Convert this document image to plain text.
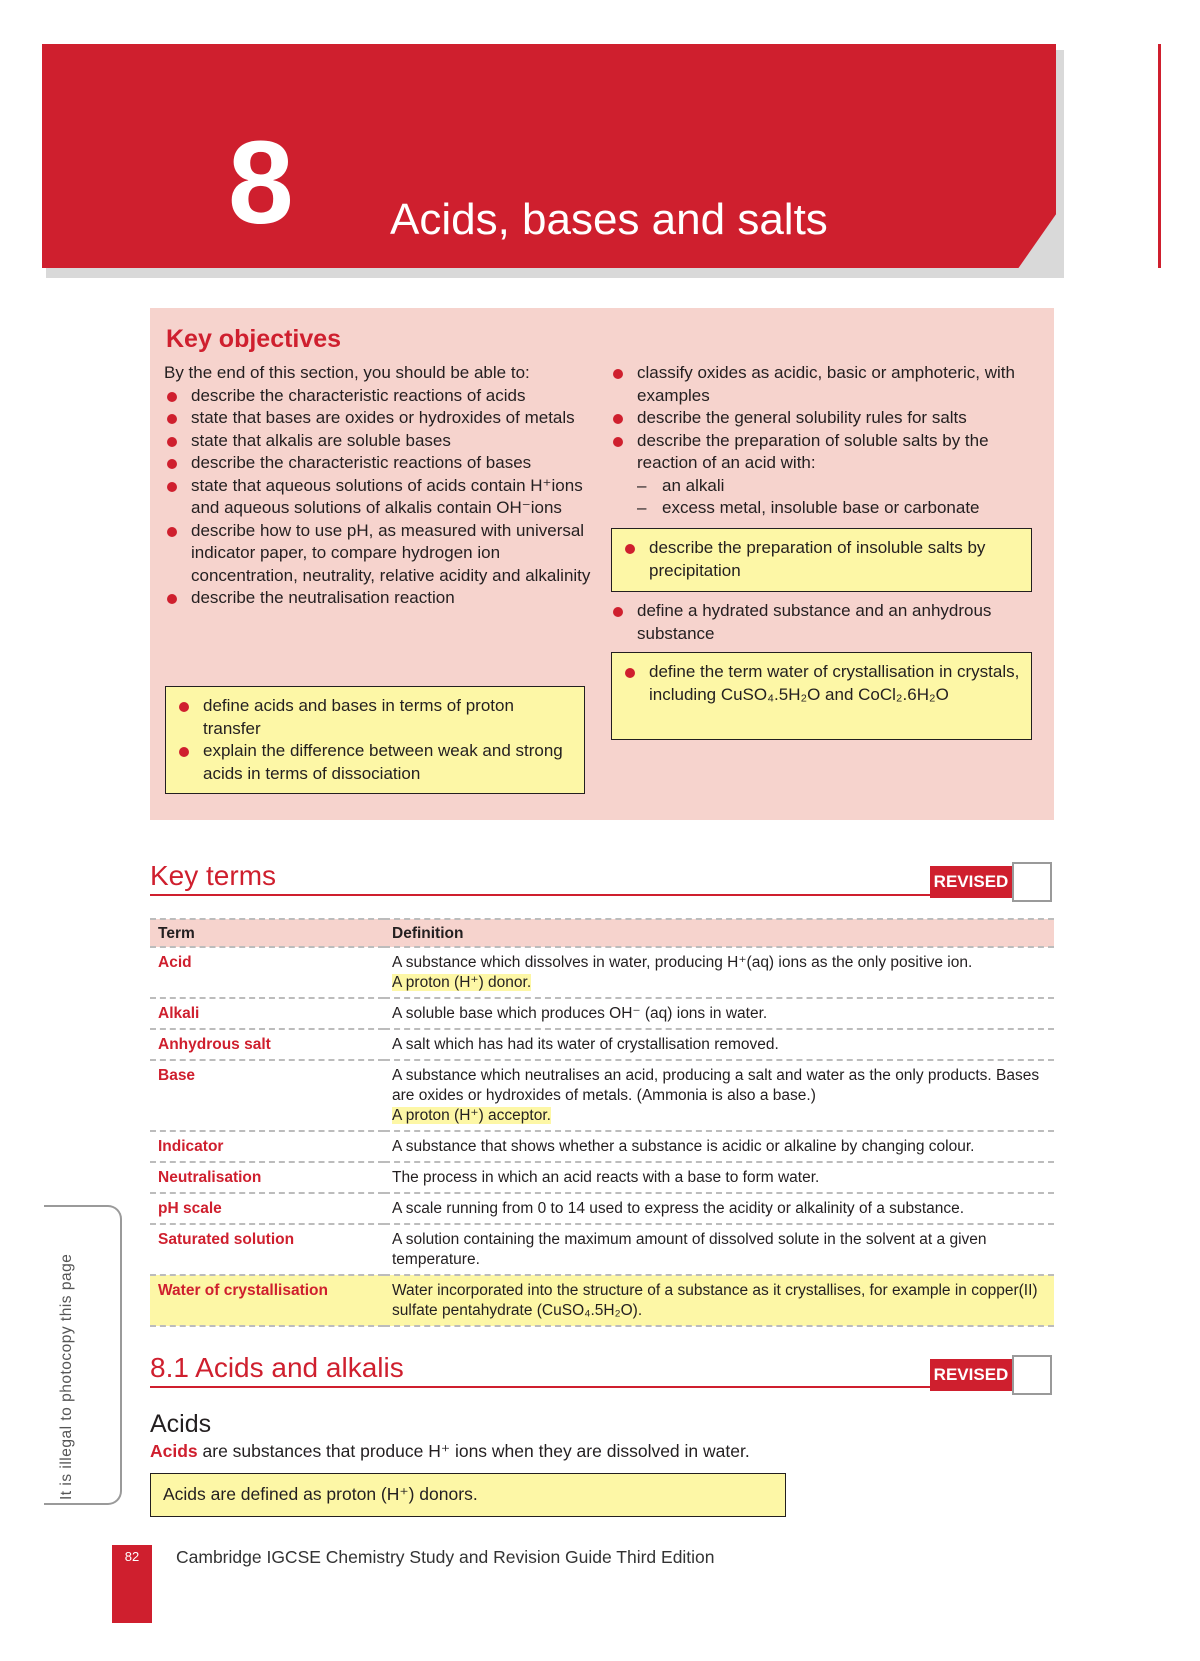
8 Acids, bases and salts
Key objectives
By the end of this section, you should be able to:
describe the characteristic reactions of acids
state that bases are oxides or hydroxides of metals
state that alkalis are soluble bases
describe the characteristic reactions of bases
state that aqueous solutions of acids contain H⁺ions and aqueous solutions of alkalis contain OH⁻ions
describe how to use pH, as measured with universal indicator paper, to compare hydrogen ion concentration, neutrality, relative acidity and alkalinity
describe the neutralisation reaction
define acids and bases in terms of proton transfer
explain the difference between weak and strong acids in terms of dissociation
classify oxides as acidic, basic or amphoteric, with examples
describe the general solubility rules for salts
describe the preparation of soluble salts by the reaction of an acid with:
– an alkali
– excess metal, insoluble base or carbonate
describe the preparation of insoluble salts by precipitation
define a hydrated substance and an anhydrous substance
define the term water of crystallisation in crystals, including CuSO₄.5H₂O and CoCl₂.6H₂O
Key terms	REVISED
Term	Definition
Acid	A substance which dissolves in water, producing H⁺(aq) ions as the only positive ion.
A proton (H⁺) donor.
Alkali	A soluble base which produces OH⁻ (aq) ions in water.

Anhydrous salt	A salt which has had its water of crystallisation removed.

Base	A substance which neutralises an acid, producing a salt and water as the only products. Bases are oxides or hydroxides of metals. (Ammonia is also a base.)
A proton (H⁺) acceptor.
Indicator	A substance that shows whether a substance is acidic or alkaline by changing colour.

Neutralisation	The process in which an acid reacts with a base to form water.

pH scale	A scale running from 0 to 14 used to express the acidity or alkalinity of a substance.

Saturated solution	A solution containing the maximum amount of dissolved solute in the solvent at a given temperature.

Water of crystallisation	Water incorporated into the structure of a substance as it crystallises, for example in copper(II) sulfate pentahydrate (CuSO₄.5H₂O).
8.1 Acids and alkalis	REVISED
Acids
Acids are substances that produce H⁺ ions when they are dissolved in water.
Acids are defined as proton (H⁺) donors.
It is illegal to photocopy this page
82	Cambridge IGCSE Chemistry Study and Revision Guide Third Edition
